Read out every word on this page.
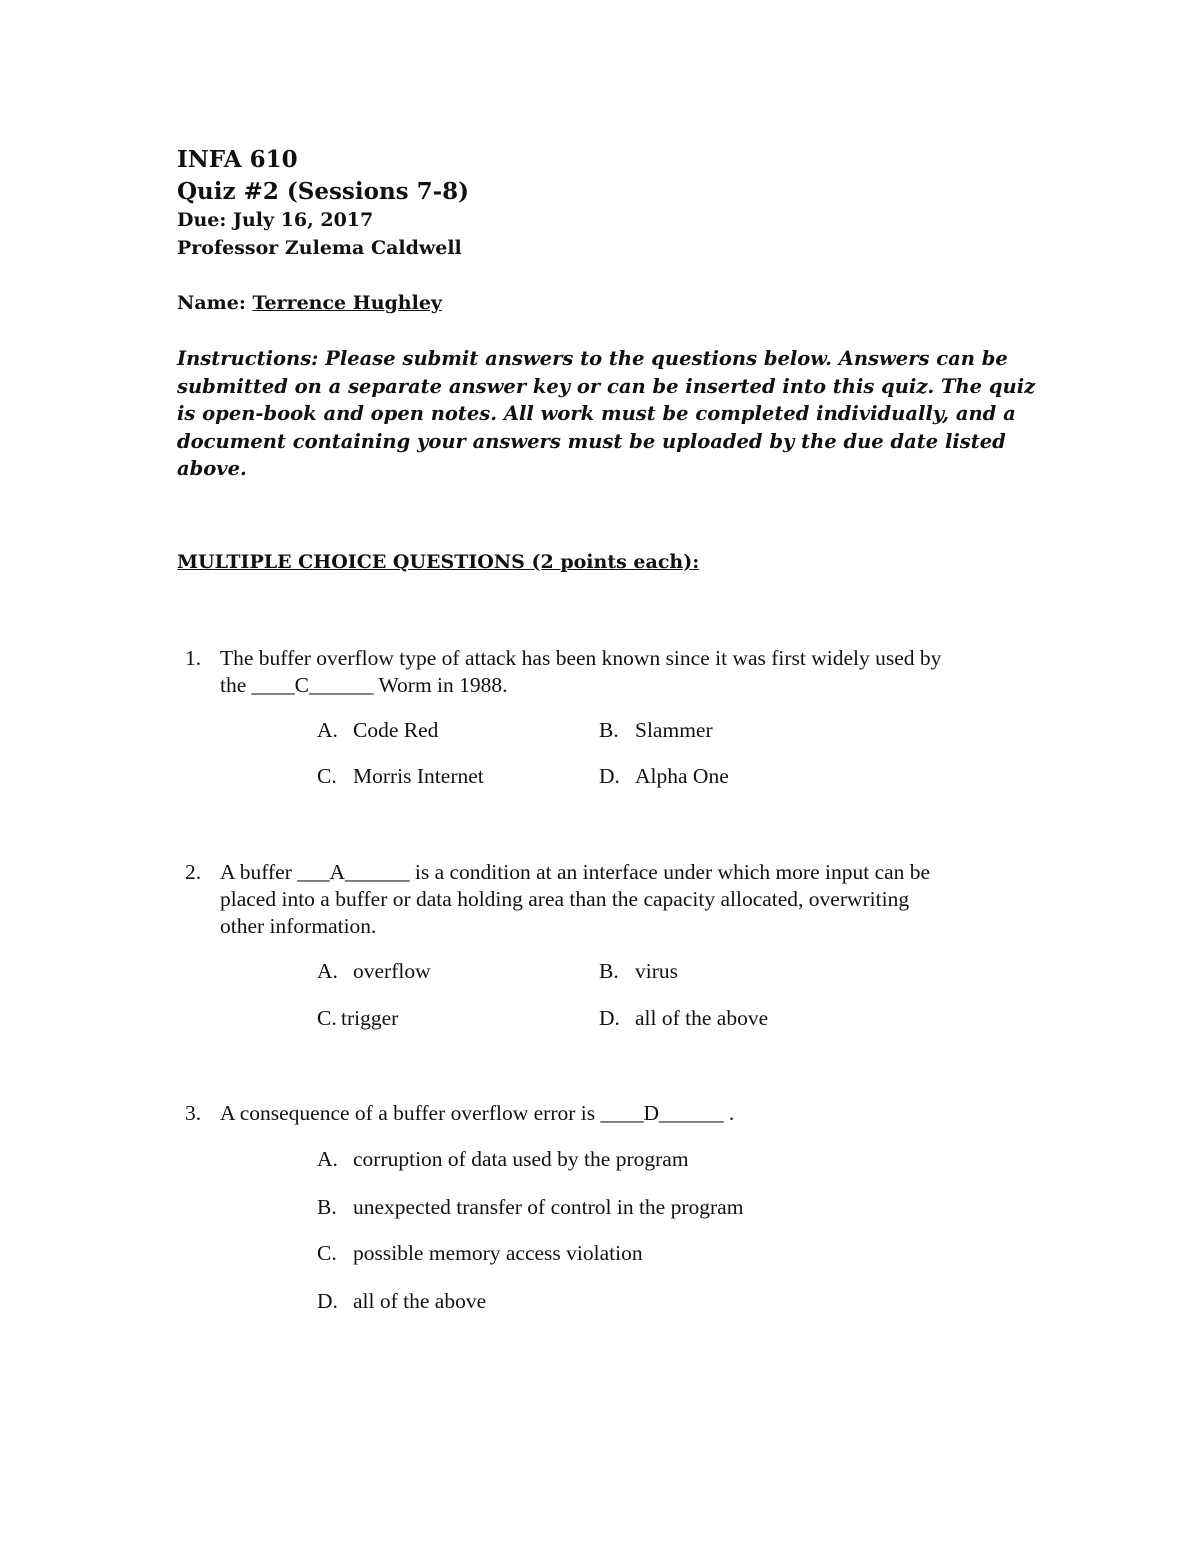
INFA 610
Quiz #2 (Sessions 7-8)
Due: July 16, 2017
Professor Zulema Caldwell
Name: Terrence Hughley
Instructions: Please submit answers to the questions below. Answers can be
submitted on a separate answer key or can be inserted into this quiz. The quiz
is open-book and open notes. All work must be completed individually, and a
document containing your answers must be uploaded by the due date listed
above.
MULTIPLE CHOICE QUESTIONS (2 points each):
1. The buffer overflow type of attack has been known since it was first widely used by
the ____C______ Worm in 1988.
A. Code Red	B. Slammer
C. Morris Internet	D. Alpha One
2. A buffer ___A______ is a condition at an interface under which more input can be
placed into a buffer or data holding area than the capacity allocated, overwriting
other information.
A. overflow	B. virus
C. trigger	D. all of the above
3. A consequence of a buffer overflow error is ____D______ .
A. corruption of data used by the program
B. unexpected transfer of control in the program
C. possible memory access violation
D. all of the above
